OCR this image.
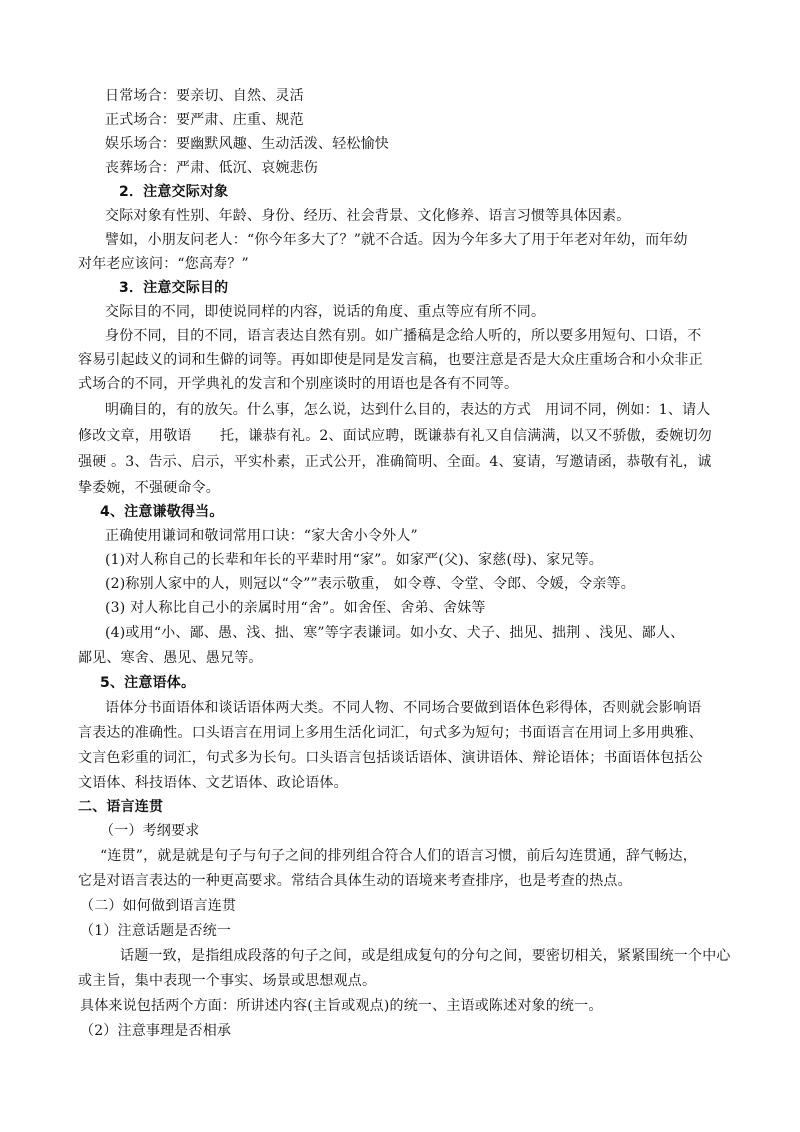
日常场合：要亲切、自然、灵活
正式场合：要严肃、庄重、规范
娱乐场合：要幽默风趣、生动活泼、轻松愉快
丧葬场合：严肃、低沉、哀婉悲伤
2．注意交际对象
交际对象有性别、年龄、身份、经历、社会背景、文化修养、语言习惯等具体因素。
譬如，小朋友问老人：“你今年多大了？”就不合适。因为今年多大了用于年老对年幼，而年幼
对年老应该问：“您高寿？”
3．注意交际目的
交际目的不同，即使说同样的内容，说话的角度、重点等应有所不同。
身份不同，目的不同，语言表达自然有别。如广播稿是念给人听的，所以要多用短句、口语，不
容易引起歧义的词和生僻的词等。再如即使是同是发言稿，也要注意是否是大众庄重场合和小众非正
式场合的不同，开学典礼的发言和个别座谈时的用语也是各有不同等。
明确目的，有的放矢。什么事，怎么说，达到什么目的，表达的方式　用词不同，例如：1、请人
修改文章，用敬语　　托，谦恭有礼。2、面试应聘，既谦恭有礼又自信满满，以又不骄傲，委婉切勿
强硬 。3、告示、启示，平实朴素，正式公开，准确简明、全面。4、宴请，写邀请函，恭敬有礼，诚
挚委婉，不强硬命令。
4、注意谦敬得当。
正确使用谦词和敬词常用口诀：“家大舍小令外人”
(1)对人称自己的长辈和年长的平辈时用“家”。如家严(父)、家慈(母)、家兄等。
(2)称别人家中的人，则冠以“令””表示敬重， 如令尊、令堂、令郎、令媛，令亲等。
(3) 对人称比自己小的亲属时用“舍”。如舍侄、舍弟、舍妹等
(4)或用“小、鄙、愚、浅、拙、寒”等字表谦词。如小女、犬子、拙见、拙荆 、浅见、鄙人、
鄙见、寒舍、愚见、愚兄等。
5、注意语体。
语体分书面语体和谈话语体两大类。不同人物、不同场合要做到语体色彩得体，否则就会影响语
言表达的准确性。口头语言在用词上多用生活化词汇，句式多为短句；书面语言在用词上多用典雅、
文言色彩重的词汇，句式多为长句。口头语言包括谈话语体、演讲语体、辩论语体；书面语体包括公
文语体、科技语体、文艺语体、政论语体。
二、语言连贯
（一）考纲要求
“连贯”，就是就是句子与句子之间的排列组合符合人们的语言习惯，前后勾连贯通，辞气畅达，
它是对语言表达的一种更高要求。常结合具体生动的语境来考查排序，也是考查的热点。
（二）如何做到语言连贯
（1）注意话题是否统一
话题一致，是指组成段落的句子之间，或是组成复句的分句之间，要密切相关，紧紧围统一个中心
或主旨，集中表现一个事实、场景或思想观点。
具体来说包括两个方面：所讲述内容(主旨或观点)的统一、主语或陈述对象的统一。
（2）注意事理是否相承
